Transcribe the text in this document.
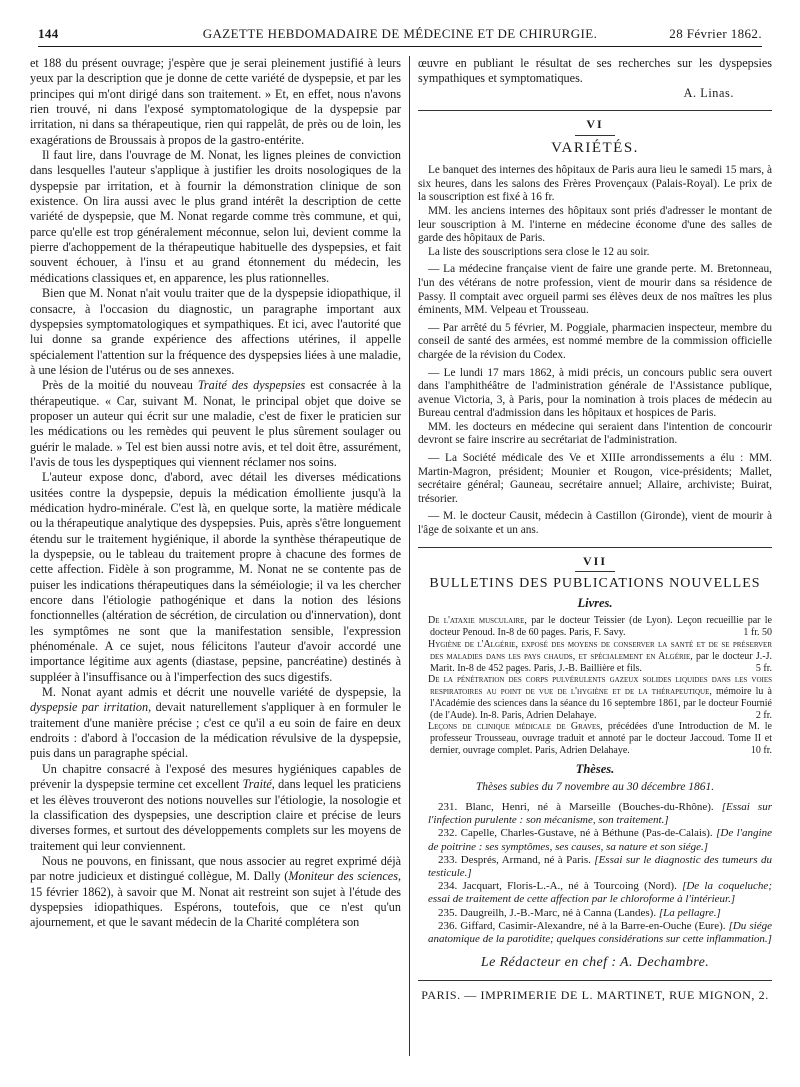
144	GAZETTE HEBDOMADAIRE DE MÉDECINE ET DE CHIRURGIE.	28 Février 1862.

et 188 du présent ouvrage; j'espère que je serai pleinement justifié à leurs yeux par la description que je donne de cette variété de dyspepsie, et par les principes qui m'ont dirigé dans son traitement. » Et, en effet, nous n'avons rien trouvé, ni dans l'exposé symptomatologique de la dyspepsie par irritation, ni dans sa thérapeutique, rien qui rappelât, de près ou de loin, les exagérations de Broussais à propos de la gastro-entérite.

Il faut lire, dans l'ouvrage de M. Nonat, les lignes pleines de conviction dans lesquelles l'auteur s'applique à justifier les droits nosologiques de la dyspepsie par irritation, et à fournir la démonstration clinique de son existence. On lira aussi avec le plus grand intérêt la description de cette variété de dyspepsie, que M. Nonat regarde comme très commune, et qui, parce qu'elle est trop généralement méconnue, selon lui, devient comme la pierre d'achoppement de la thérapeutique habituelle des dyspepsies, et fait souvent échouer, à l'insu et au grand étonnement du médecin, les médications classiques et, en apparence, les plus rationnelles.

Bien que M. Nonat n'ait voulu traiter que de la dyspepsie idiopathique, il consacre, à l'occasion du diagnostic, un paragraphe important aux dyspepsies symptomatologiques et sympathiques. Et ici, avec l'autorité que lui donne sa grande expérience des affections utérines, il appelle spécialement l'attention sur la fréquence des dyspepsies liées à une maladie, à une lésion de l'utérus ou de ses annexes.

Près de la moitié du nouveau Traité des dyspepsies est consacrée à la thérapeutique. « Car, suivant M. Nonat, le principal objet que doive se proposer un auteur qui écrit sur une maladie, c'est de fixer le praticien sur les médications ou les remèdes qui peuvent le plus sûrement soulager ou guérir le malade. » Tel est bien aussi notre avis, et tel doit être, assurément, l'avis de tous les dyspeptiques qui viennent réclamer nos soins.

L'auteur expose donc, d'abord, avec détail les diverses médications usitées contre la dyspepsie, depuis la médication émolliente jusqu'à la médication hydro-minérale. C'est là, en quelque sorte, la matière médicale ou la thérapeutique analytique des dyspepsies. Puis, après s'être longuement étendu sur le traitement hygiénique, il aborde la synthèse thérapeutique de la dyspepsie, ou le tableau du traitement propre à chacune des formes de cette affection. Fidèle à son programme, M. Nonat ne se contente pas de puiser les indications thérapeutiques dans la séméiologie; il va les chercher encore dans l'étiologie pathogénique et dans la notion des lésions fonctionnelles (altération de sécrétion, de circulation ou d'innervation), dont les symptômes ne sont que la manifestation sensible, l'expression phénoménale. A ce sujet, nous félicitons l'auteur d'avoir accordé une importance légitime aux agents (diastase, pepsine, pancréatine) destinés à suppléer à l'insuffisance ou à l'imperfection des sucs digestifs.

M. Nonat ayant admis et décrit une nouvelle variété de dyspepsie, la dyspepsie par irritation, devait naturellement s'appliquer à en formuler le traitement d'une manière précise ; c'est ce qu'il a eu soin de faire en deux endroits : d'abord à l'occasion de la médication révulsive de la dyspepsie, puis dans un paragraphe spécial.

Un chapitre consacré à l'exposé des mesures hygiéniques capables de prévenir la dyspepsie termine cet excellent Traité, dans lequel les praticiens et les élèves trouveront des notions nouvelles sur l'étiologie, la nosologie et la classification des dyspepsies, une description claire et précise de leurs diverses formes, et surtout des développements complets sur les moyens de traitement qui leur conviennent.

Nous ne pouvons, en finissant, que nous associer au regret exprimé déjà par notre judicieux et distingué collègue, M. Dally (Moniteur des sciences, 15 février 1862), à savoir que M. Nonat ait restreint son sujet à l'étude des dyspepsies idiopathiques. Espérons, toutefois, que ce n'est qu'un ajournement, et que le savant médecin de la Charité complétera son

œuvre en publiant le résultat de ses recherches sur les dyspepsies sympathiques et symptomatiques.

A. Linas.

VI
VARIÉTÉS.

Le banquet des internes des hôpitaux de Paris aura lieu le samedi 15 mars, à six heures, dans les salons des Frères Provençaux (Palais-Royal). Le prix de la souscription est fixé à 16 fr.

MM. les anciens internes des hôpitaux sont priés d'adresser le montant de leur souscription à M. l'interne en médecine économe d'une des salles de garde des hôpitaux de Paris.

La liste des souscriptions sera close le 12 au soir.

— La médecine française vient de faire une grande perte. M. Bretonneau, l'un des vétérans de notre profession, vient de mourir dans sa résidence de Passy. Il comptait avec orgueil parmi ses élèves deux de nos maîtres les plus éminents, MM. Velpeau et Trousseau.

— Par arrêté du 5 février, M. Poggiale, pharmacien inspecteur, membre du conseil de santé des armées, est nommé membre de la commission officielle chargée de la révision du Codex.

— Le lundi 17 mars 1862, à midi précis, un concours public sera ouvert dans l'amphithéâtre de l'administration générale de l'Assistance publique, avenue Victoria, 3, à Paris, pour la nomination à trois places de médecin au Bureau central d'admission dans les hôpitaux et hospices de Paris.

MM. les docteurs en médecine qui seraient dans l'intention de concourir devront se faire inscrire au secrétariat de l'administration.

— La Société médicale des Ve et XIIIe arrondissements a élu : MM. Martin-Magron, président; Mounier et Rougon, vice-présidents; Mallet, secrétaire général; Gauneau, secrétaire annuel; Allaire, archiviste; Buirat, trésorier.

— M. le docteur Causit, médecin à Castillon (Gironde), vient de mourir à l'âge de soixante et un ans.

VII
BULLETINS DES PUBLICATIONS NOUVELLES
Livres.

De l'ataxie musculaire, par le docteur Teissier (de Lyon). Leçon recueillie par le docteur Penoud. In-8 de 60 pages. Paris, F. Savy.	1 fr. 50

Hygiène de l'Algérie, exposé des moyens de conserver la santé et de se préserver des maladies dans les pays chauds, et spécialement en Algérie, par le docteur J.-J. Marit. In-8 de 452 pages. Paris, J.-B. Baillière et fils.	5 fr.

De la pénétration des corps pulvérulents gazeux solides liquides dans les voies respiratoires au point de vue de l'hygiène et de la thérapeutique, mémoire lu à l'Académie des sciences dans la séance du 16 septembre 1861, par le docteur Fournié (de l'Aude). In-8. Paris, Adrien Delahaye.	2 fr.

Leçons de clinique médicale de Graves, précédées d'une Introduction de M. le professeur Trousseau, ouvrage traduit et annoté par le docteur Jaccoud. Tome II et dernier, ouvrage complet. Paris, Adrien Delahaye.	10 fr.

Thèses.
Thèses subies du 7 novembre au 30 décembre 1861.

231. Blanc, Henri, né à Marseille (Bouches-du-Rhône). [Essai sur l'infection purulente : son mécanisme, son traitement.]

232. Capelle, Charles-Gustave, né à Béthune (Pas-de-Calais). [De l'angine de poitrine : ses symptômes, ses causes, sa nature et son siége.]

233. Després, Armand, né à Paris. [Essai sur le diagnostic des tumeurs du testicule.]

234. Jacquart, Floris-L.-A., né à Tourcoing (Nord). [De la coqueluche; essai de traitement de cette affection par le chloroforme à l'intérieur.]

235. Daugreilh, J.-B.-Marc, né à Canna (Landes). [La pellagre.]

236. Giffard, Casimir-Alexandre, né à la Barre-en-Ouche (Eure). [Du siége anatomique de la parotidite; quelques considérations sur cette inflammation.]

Le Rédacteur en chef : A. Dechambre.
PARIS. — IMPRIMERIE DE L. MARTINET, RUE MIGNON, 2.
